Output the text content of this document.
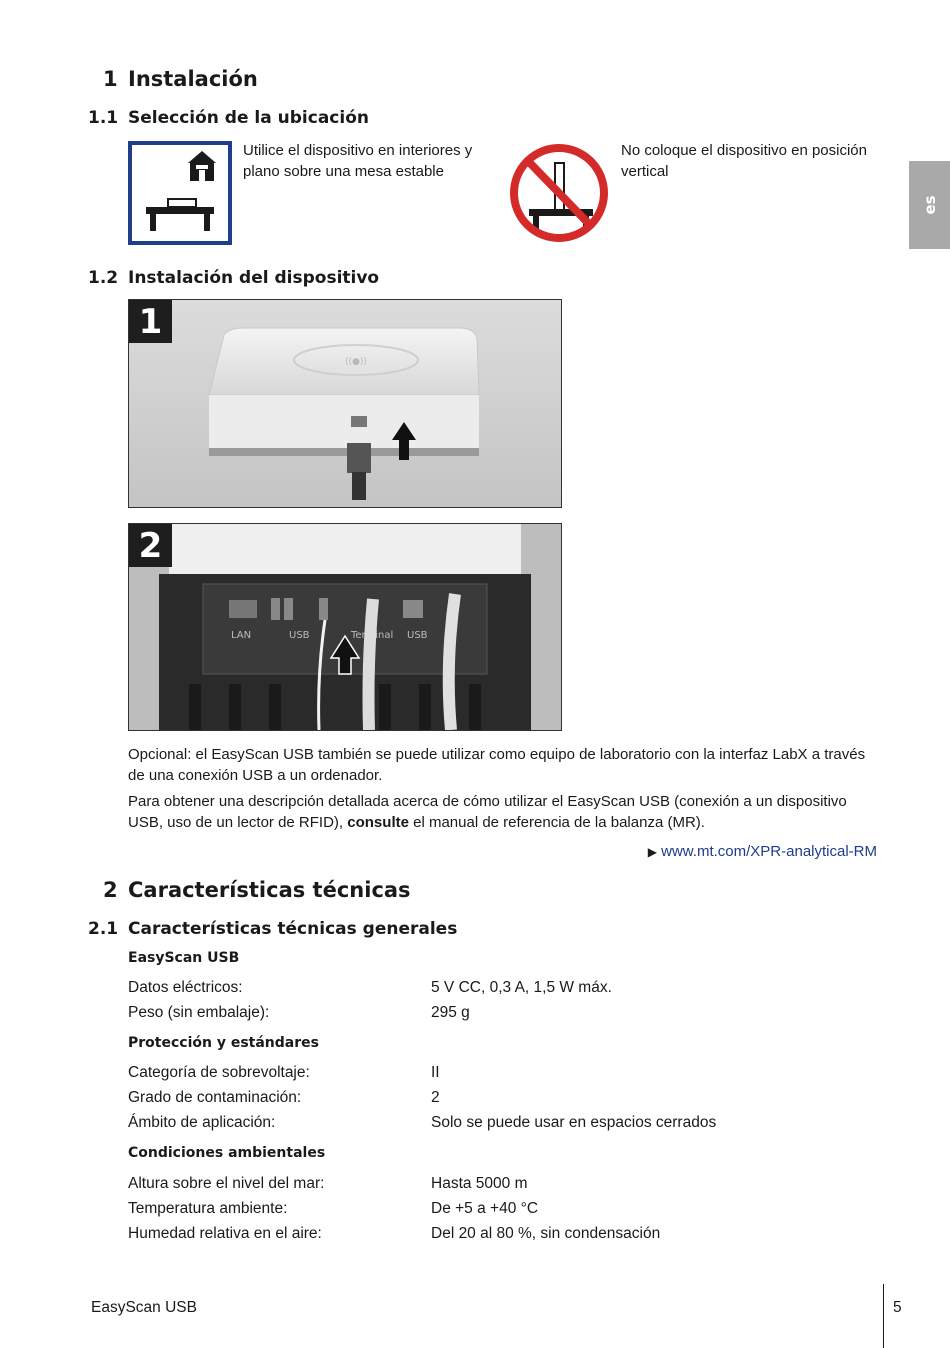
es
1 Instalación
1.1 Selección de la ubicación
Utilice el dispositivo en interiores y plano sobre una mesa estable
No coloque el dispositivo en posición vertical
1.2 Instalación del dispositivo
((●))
1
LAN	USB	Terminal USB
2
Opcional: el EasyScan USB también se puede utilizar como equipo de laboratorio con la interfaz LabX a través de una conexión USB a un ordenador.
Para obtener una descripción detallada acerca de cómo utilizar el EasyScan USB (conexión a un dispositivo USB, uso de un lector de RFID), consulte el manual de referencia de la balanza (MR).
▶ www.mt.com/XPR-analytical-RM
2 Características técnicas
2.1 Características técnicas generales
EasyScan USB
Datos eléctricos:	5 V CC, 0,3 A, 1,5 W máx.
Peso (sin embalaje):	295 g
Protección y estándares
Categoría de sobrevoltaje:	II
Grado de contaminación:	2
Ámbito de aplicación:	Solo se puede usar en espacios cerrados
Condiciones ambientales
Altura sobre el nivel del mar:	Hasta 5000 m
Temperatura ambiente:	De +5 a +40 °C
Humedad relativa en el aire:	Del 20 al 80 %, sin condensación
EasyScan USB	5
